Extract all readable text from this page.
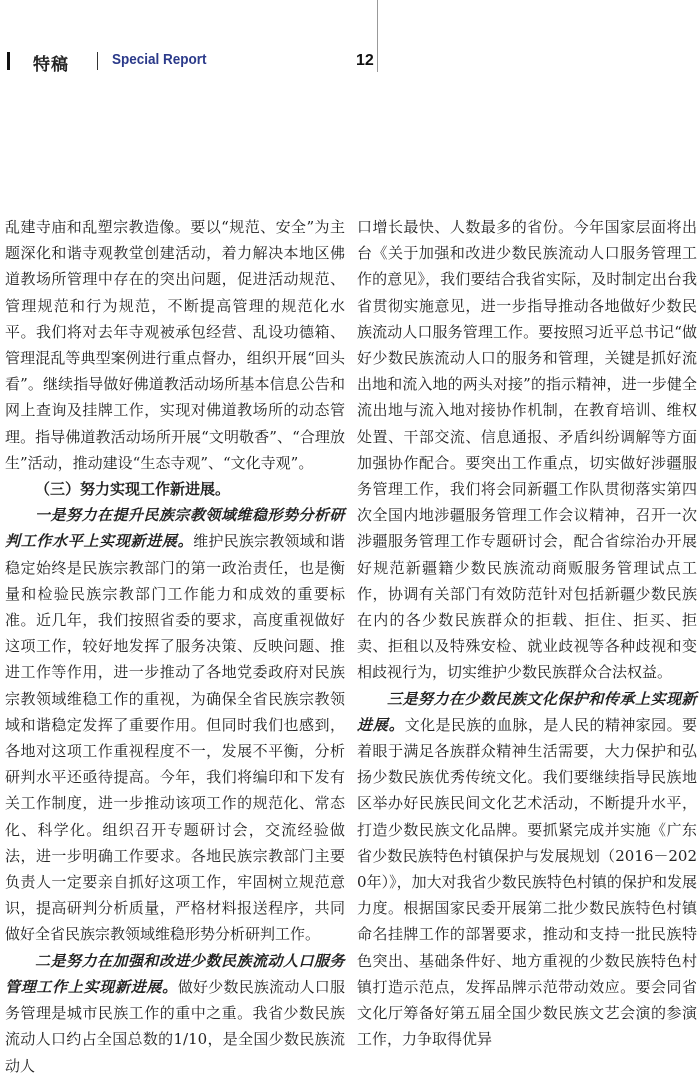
特稿	Special Report	12

乱建寺庙和乱塑宗教造像。要以“规范、安全”为主题深化和谐寺观教堂创建活动，着力解决本地区佛道教场所管理中存在的突出问题，促进活动规范、管理规范和行为规范，不断提高管理的规范化水平。我们将对去年寺观被承包经营、乱设功德箱、管理混乱等典型案例进行重点督办，组织开展“回头看”。继续指导做好佛道教活动场所基本信息公告和网上查询及挂牌工作，实现对佛道教场所的动态管理。指导佛道教活动场所开展“文明敬香”、“合理放生”活动，推动建设“生态寺观”、“文化寺观”。

（三）努力实现工作新进展。

一是努力在提升民族宗教领域维稳形势分析研判工作水平上实现新进展。维护民族宗教领域和谐稳定始终是民族宗教部门的第一政治责任，也是衡量和检验民族宗教部门工作能力和成效的重要标准。近几年，我们按照省委的要求，高度重视做好这项工作，较好地发挥了服务决策、反映问题、推进工作等作用，进一步推动了各地党委政府对民族宗教领域维稳工作的重视，为确保全省民族宗教领域和谐稳定发挥了重要作用。但同时我们也感到，各地对这项工作重视程度不一，发展不平衡，分析研判水平还亟待提高。今年，我们将编印和下发有关工作制度，进一步推动该项工作的规范化、常态化、科学化。组织召开专题研讨会，交流经验做法，进一步明确工作要求。各地民族宗教部门主要负责人一定要亲自抓好这项工作，牢固树立规范意识，提高研判分析质量，严格材料报送程序，共同做好全省民族宗教领域维稳形势分析研判工作。

二是努力在加强和改进少数民族流动人口服务管理工作上实现新进展。做好少数民族流动人口服务管理是城市民族工作的重中之重。我省少数民族流动人口约占全国总数的1/10，是全国少数民族流动人

口增长最快、人数最多的省份。今年国家层面将出台《关于加强和改进少数民族流动人口服务管理工作的意见》，我们要结合我省实际，及时制定出台我省贯彻实施意见，进一步指导推动各地做好少数民族流动人口服务管理工作。要按照习近平总书记“做好少数民族流动人口的服务和管理，关键是抓好流出地和流入地的两头对接”的指示精神，进一步健全流出地与流入地对接协作机制，在教育培训、维权处置、干部交流、信息通报、矛盾纠纷调解等方面加强协作配合。要突出工作重点，切实做好涉疆服务管理工作，我们将会同新疆工作队贯彻落实第四次全国内地涉疆服务管理工作会议精神，召开一次涉疆服务管理工作专题研讨会，配合省综治办开展好规范新疆籍少数民族流动商贩服务管理试点工作，协调有关部门有效防范针对包括新疆少数民族在内的各少数民族群众的拒载、拒住、拒买、拒卖、拒租以及特殊安检、就业歧视等各种歧视和变相歧视行为，切实维护少数民族群众合法权益。

三是努力在少数民族文化保护和传承上实现新进展。文化是民族的血脉，是人民的精神家园。要着眼于满足各族群众精神生活需要，大力保护和弘扬少数民族优秀传统文化。我们要继续指导民族地区举办好民族民间文化艺术活动，不断提升水平，打造少数民族文化品牌。要抓紧完成并实施《广东省少数民族特色村镇保护与发展规划（2016－2020年）》，加大对我省少数民族特色村镇的保护和发展力度。根据国家民委开展第二批少数民族特色村镇命名挂牌工作的部署要求，推动和支持一批民族特色突出、基础条件好、地方重视的少数民族特色村镇打造示范点，发挥品牌示范带动效应。要会同省文化厅筹备好第五届全国少数民族文艺会演的参演工作，力争取得优异
